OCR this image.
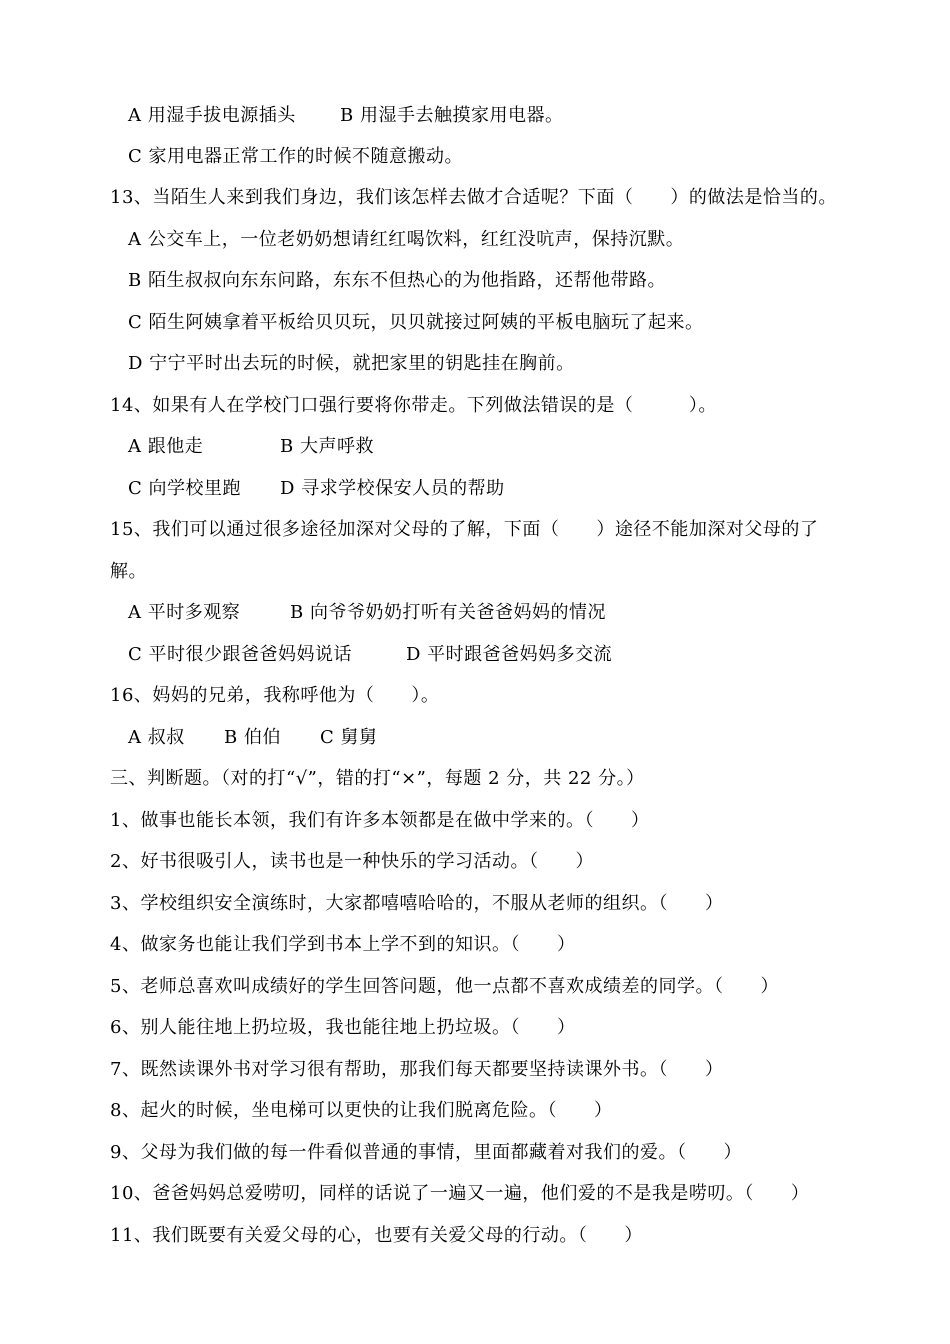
A 用湿手拔电源插头 B 用湿手去触摸家用电器。
C 家用电器正常工作的时候不随意搬动。
13、当陌生人来到我们身边，我们该怎样去做才合适呢？下面（　　）的做法是恰当的。
A 公交车上，一位老奶奶想请红红喝饮料，红红没吭声，保持沉默。
B 陌生叔叔向东东问路，东东不但热心的为他指路，还帮他带路。
C 陌生阿姨拿着平板给贝贝玩，贝贝就接过阿姨的平板电脑玩了起来。
D 宁宁平时出去玩的时候，就把家里的钥匙挂在胸前。
14、如果有人在学校门口强行要将你带走。下列做法错误的是（　　　）。
A 跟他走	B 大声呼救
C 向学校里跑 D 寻求学校保安人员的帮助
15、我们可以通过很多途径加深对父母的了解，下面（　　）途径不能加深对父母的了
解。
A 平时多观察	B 向爷爷奶奶打听有关爸爸妈妈的情况
C 平时很少跟爸爸妈妈说话	D 平时跟爸爸妈妈多交流
16、妈妈的兄弟，我称呼他为（　　）。
A 叔叔 B 伯伯 C 舅舅
三、判断题。（对的打“√”，错的打“×”，每题 2 分，共 22 分。）
1、做事也能长本领，我们有许多本领都是在做中学来的。（　　）
2、好书很吸引人，读书也是一种快乐的学习活动。（　　）
3、学校组织安全演练时，大家都嘻嘻哈哈的，不服从老师的组织。（　　）
4、做家务也能让我们学到书本上学不到的知识。（　　）
5、老师总喜欢叫成绩好的学生回答问题，他一点都不喜欢成绩差的同学。（　　）
6、别人能往地上扔垃圾，我也能往地上扔垃圾。（　　）
7、既然读课外书对学习很有帮助，那我们每天都要坚持读课外书。（　　）
8、起火的时候，坐电梯可以更快的让我们脱离危险。（　　）
9、父母为我们做的每一件看似普通的事情，里面都藏着对我们的爱。（　　）
10、爸爸妈妈总爱唠叨，同样的话说了一遍又一遍，他们爱的不是我是唠叨。（　　）
11、我们既要有关爱父母的心，也要有关爱父母的行动。（　　）
